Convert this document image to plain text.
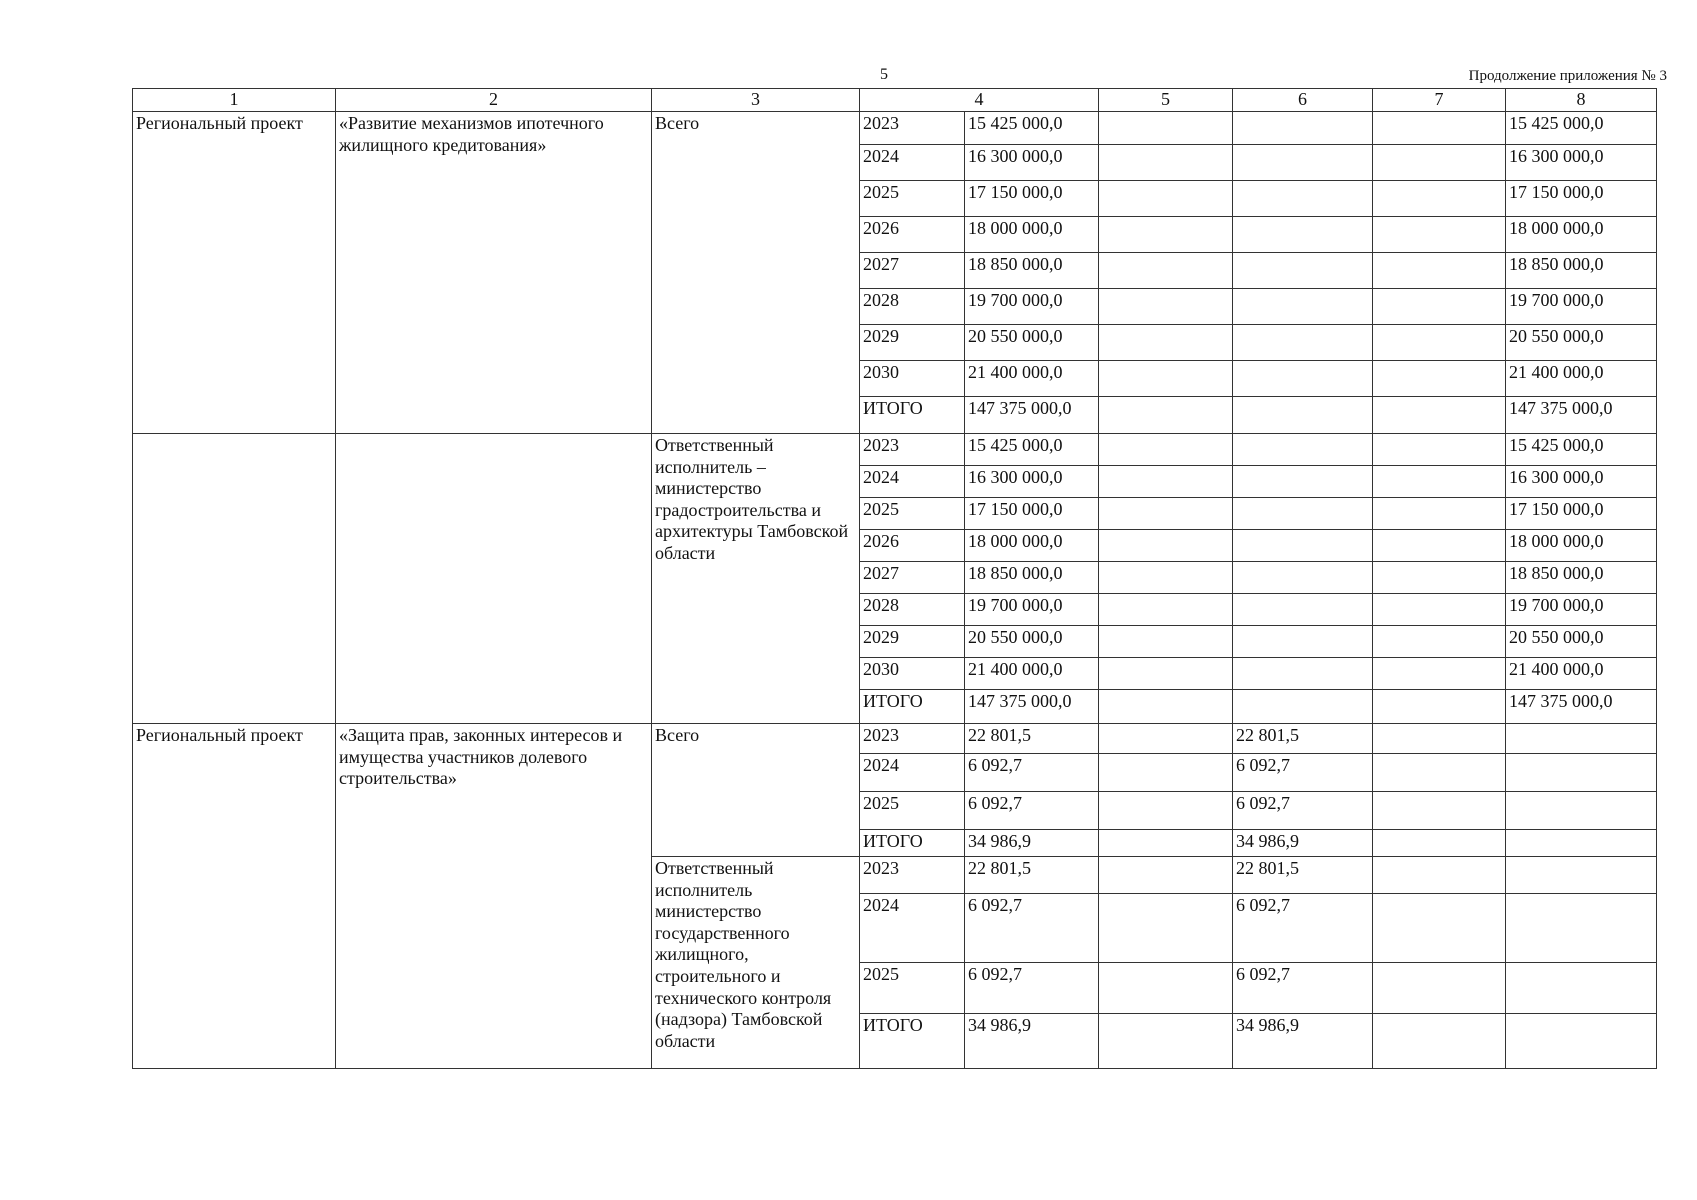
5	Продолжение приложения № 3
1	2	3	4		5	6	7	8
Региональный проект	«Развитие механизмов ипотечного жилищного кредитования»	Всего	2023	15 425 000,0				15 425 000,0
			2024	16 300 000,0				16 300 000,0
			2025	17 150 000,0				17 150 000,0
			2026	18 000 000,0				18 000 000,0
			2027	18 850 000,0				18 850 000,0
			2028	19 700 000,0				19 700 000,0
			2029	20 550 000,0				20 550 000,0
			2030	21 400 000,0				21 400 000,0
			ИТОГО	147 375 000,0				147 375 000,0
		Ответственный исполнитель – министерство градостроительства и архитектуры Тамбовской области	2023	15 425 000,0				15 425 000,0
			2024	16 300 000,0				16 300 000,0
			2025	17 150 000,0				17 150 000,0
			2026	18 000 000,0				18 000 000,0
			2027	18 850 000,0				18 850 000,0
			2028	19 700 000,0				19 700 000,0
			2029	20 550 000,0				20 550 000,0
			2030	21 400 000,0				21 400 000,0
			ИТОГО	147 375 000,0				147 375 000,0
Региональный проект	«Защита прав, законных интересов и имущества участников долевого строительства»	Всего	2023	22 801,5		22 801,5		
			2024	6 092,7		6 092,7		
			2025	6 092,7		6 092,7		
			ИТОГО	34 986,9		34 986,9		
		Ответственный исполнитель министерство государственного жилищного, строительного и технического контроля (надзора) Тамбовской области	2023	22 801,5		22 801,5		
			2024	6 092,7		6 092,7		
			2025	6 092,7		6 092,7		
			ИТОГО	34 986,9		34 986,9		
